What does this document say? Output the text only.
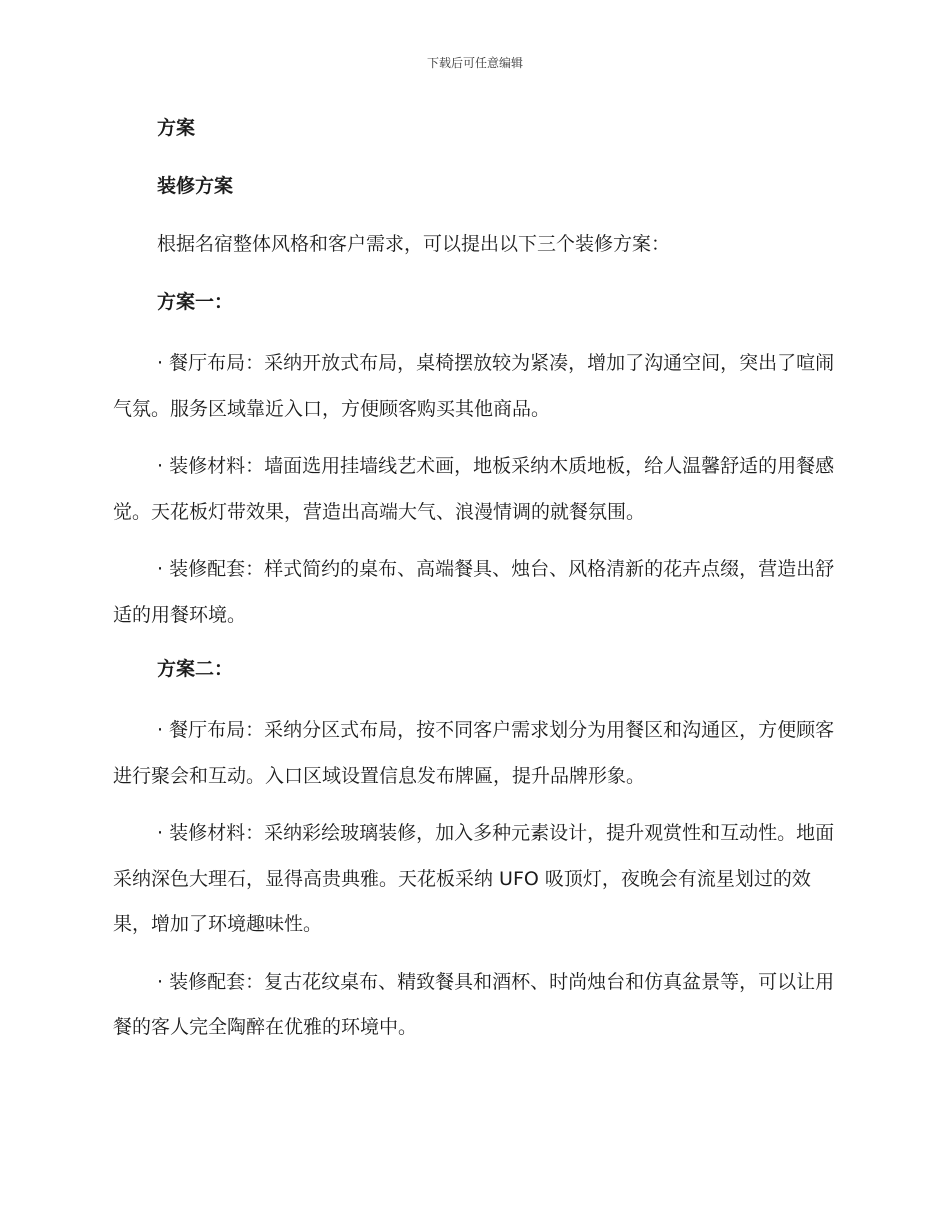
下载后可任意编辑

方案

装修方案

根据名宿整体风格和客户需求，可以提出以下三个装修方案：

方案一：

· 餐厅布局：采纳开放式布局，桌椅摆放较为紧凑，增加了沟通空间，突出了喧闹气氛。服务区域靠近入口，方便顾客购买其他商品。

· 装修材料：墙面选用挂墙线艺术画，地板采纳木质地板，给人温馨舒适的用餐感觉。天花板灯带效果，营造出高端大气、浪漫情调的就餐氛围。

· 装修配套：样式简约的桌布、高端餐具、烛台、风格清新的花卉点缀，营造出舒适的用餐环境。

方案二：

· 餐厅布局：采纳分区式布局，按不同客户需求划分为用餐区和沟通区，方便顾客进行聚会和互动。入口区域设置信息发布牌匾，提升品牌形象。

· 装修材料：采纳彩绘玻璃装修，加入多种元素设计，提升观赏性和互动性。地面采纳深色大理石，显得高贵典雅。天花板采纳 UFO 吸顶灯，夜晚会有流星划过的效果，增加了环境趣味性。

· 装修配套：复古花纹桌布、精致餐具和酒杯、时尚烛台和仿真盆景等，可以让用餐的客人完全陶醉在优雅的环境中。
